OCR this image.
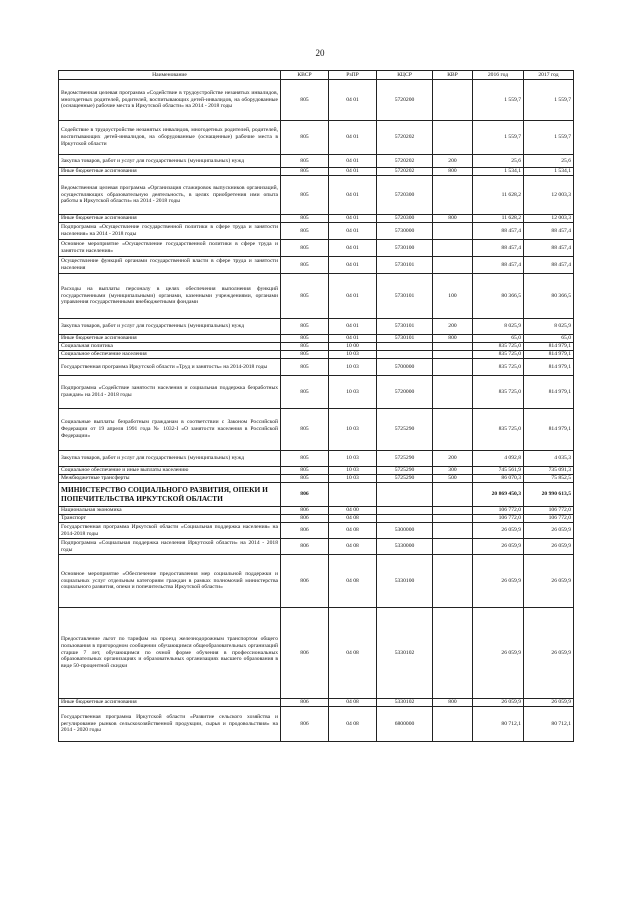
20
Наименование	КВСР	РзПР	КЦСР	КВР	2016 год	2017 год
Ведомственная целевая программа «Содействие в трудоустройстве незанятых инвалидов, многодетных родителей, родителей, воспитывающих детей-инвалидов, на оборудованные (оснащенные) рабочие места в Иркутской области» на 2014 - 2018 годы	805	04 01	5720200		1 559,7	1 559,7
Содействие в трудоустройстве незанятых инвалидов, многодетных родителей, родителей, воспитывающих детей-инвалидов, на оборудованные (оснащенные) рабочие места в Иркутской области	805	04 01	5720202		1 559,7	1 559,7
Закупка товаров, работ и услуг для государственных (муниципальных) нужд	805	04 01	5720202	200	25,6	25,6
Иные бюджетные ассигнования	805	04 01	5720202	800	1 534,1	1 534,1
Ведомственная целевая программа «Организация стажировок выпускников организаций, осуществляющих образовательную деятельность, в целях приобретения ими опыта работы в Иркутской области» на 2014 - 2018 годы	805	04 01	5720300		11 628,2	12 003,3
Иные бюджетные ассигнования	805	04 01	5720300	800	11 628,2	12 003,3
Подпрограмма «Осуществление государственной политики в сфере труда и занятости населения» на 2014 - 2018 годы	805	04 01	5730000		88 457,4	88 457,4
Основное мероприятие «Осуществление государственной политики в сфере труда и занятости населения»	805	04 01	5730100		88 457,4	88 457,4
Осуществление функций органами государственной власти в сфере труда и занятости населения	805	04 01	5730101		88 457,4	88 457,4
Расходы на выплаты персоналу в целях обеспечения выполнения функций государственными (муниципальными) органами, казенными учреждениями, органами управления государственными внебюджетными фондами	805	04 01	5730101	100	80 366,5	80 366,5
Закупка товаров, работ и услуг для государственных (муниципальных) нужд	805	04 01	5730101	200	8 025,9	8 025,9
Иные бюджетные ассигнования	805	04 01	5730101	800	65,0	65,0
Социальная политика	805	10 00			835 725,0	814 979,1
Социальное обеспечение населения	805	10 03			835 725,0	814 979,1
Государственная программа Иркутской области «Труд и занятость» на 2014-2018 годы	805	10 03	5700000		835 725,0	814 979,1
Подпрограмма «Содействие занятости населения и социальная поддержка безработных граждан» на 2014 - 2018 годы	805	10 03	5720000		835 725,0	814 979,1
Социальные выплаты безработным гражданам в соответствии с Законом Российской Федерации от 19 апреля 1991 года № 1032-I «О занятости населения в Российской Федерации»	805	10 03	5725290		835 725,0	814 979,1
Закупка товаров, работ и услуг для государственных (муниципальных) нужд	805	10 03	5725290	200	4 092,8	4 035,3
Социальное обеспечение и иные выплаты населению	805	10 03	5725290	300	745 561,9	735 091,3
Межбюджетные трансферты	805	10 03	5725290	500	86 070,3	75 852,5
МИНИСТЕРСТВО СОЦИАЛЬНОГО РАЗВИТИЯ, ОПЕКИ И ПОПЕЧИТЕЛЬСТВА ИРКУТСКОЙ ОБЛАСТИ	806				20 869 450,3	20 990 613,5
Национальная экономика	806	04 00			106 772,0	106 772,0
Транспорт	806	04 08			106 772,0	106 772,0
Государственная программа Иркутской области «Социальная поддержка населения» на 2014-2018 годы	806	04 08	5300000		26 059,9	26 059,9
Подпрограмма «Социальная поддержка населения Иркутской области» на 2014 - 2018 годы	806	04 08	5330000		26 059,9	26 059,9
Основное мероприятие «Обеспечение предоставления мер социальной поддержки и социальных услуг отдельным категориям граждан в рамках полномочий министерства социального развития, опеки и попечительства Иркутской области»	806	04 08	5330100		26 059,9	26 059,9
Предоставление льгот по тарифам на проезд железнодорожным транспортом общего пользования в пригородном сообщении обучающимся общеобразовательных организаций старше 7 лет, обучающимся по очной форме обучения в профессиональных образовательных организациях и образовательных организациях высшего образования в виде 50-процентной скидки	806	04 08	5330102		26 059,9	26 059,9
Иные бюджетные ассигнования	806	04 08	5330102	800	26 059,9	26 059,9
Государственная программа Иркутской области «Развитие сельского хозяйства и регулирование рынков сельскохозяйственной продукции, сырья и продовольствия» на 2014 - 2020 годы	806	04 08	6800000		80 712,1	80 712,1
